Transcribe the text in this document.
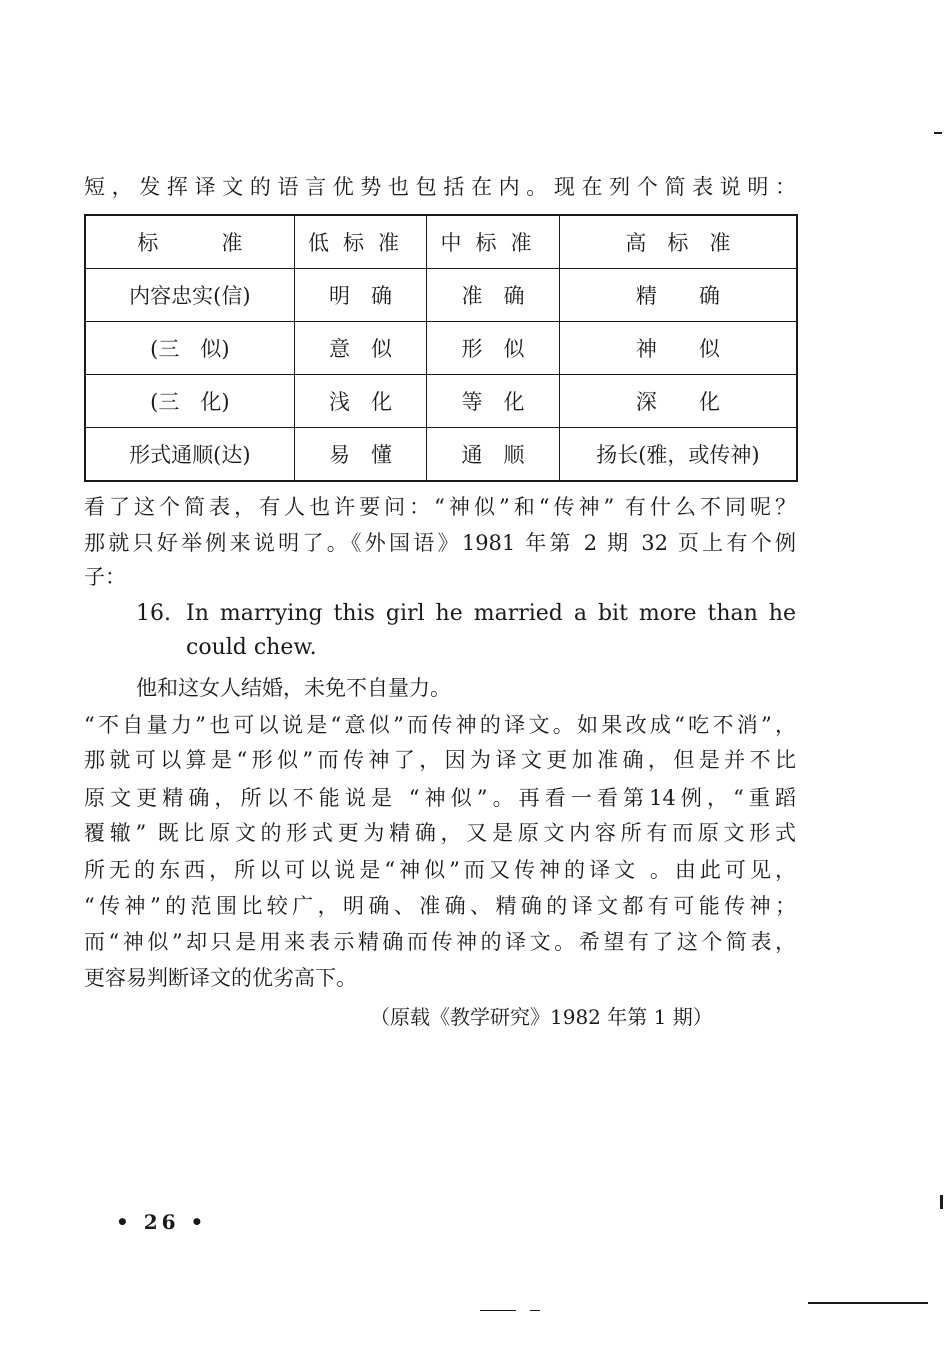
短，发挥译文的语言优势也包括在内。现在列个简表说明：
标　　　准	低标准	中标准	高　标　准
内容忠实(信)	明　确	准　确	精　　确
(三　似)	意　似	形　似	神　　似
(三　化)	浅　化	等　化	深　　化
形式通顺(达)	易　懂	通　顺	扬长(雅，或传神)
看了这个简表，有人也许要问：“神似”和“传神” 有什么不同呢？
那就只好举例来说明了。《外国语》1981 年第 2 期 32 页上有个例
子：
16. In marrying this girl he married a bit more than he
could chew.
他和这女人结婚，未免不自量力。
“不自量力”也可以说是“意似”而传神的译文。如果改成“吃不消”，
那就可以算是“形似”而传神了，因为译文更加准确，但是并不比
原文更精确，所以不能说是 “神似”。再看一看第14例，“重蹈
覆辙” 既比原文的形式更为精确，又是原文内容所有而原文形式
所无的东西，所以可以说是“神似”而又传神的译文 。由此可见，
“传神”的范围比较广，明确、准确、精确的译文都有可能传神；
而“神似”却只是用来表示精确而传神的译文。希望有了这个简表，
更容易判断译文的优劣高下。
（原载《教学研究》1982 年第 1 期）
• 26 •
